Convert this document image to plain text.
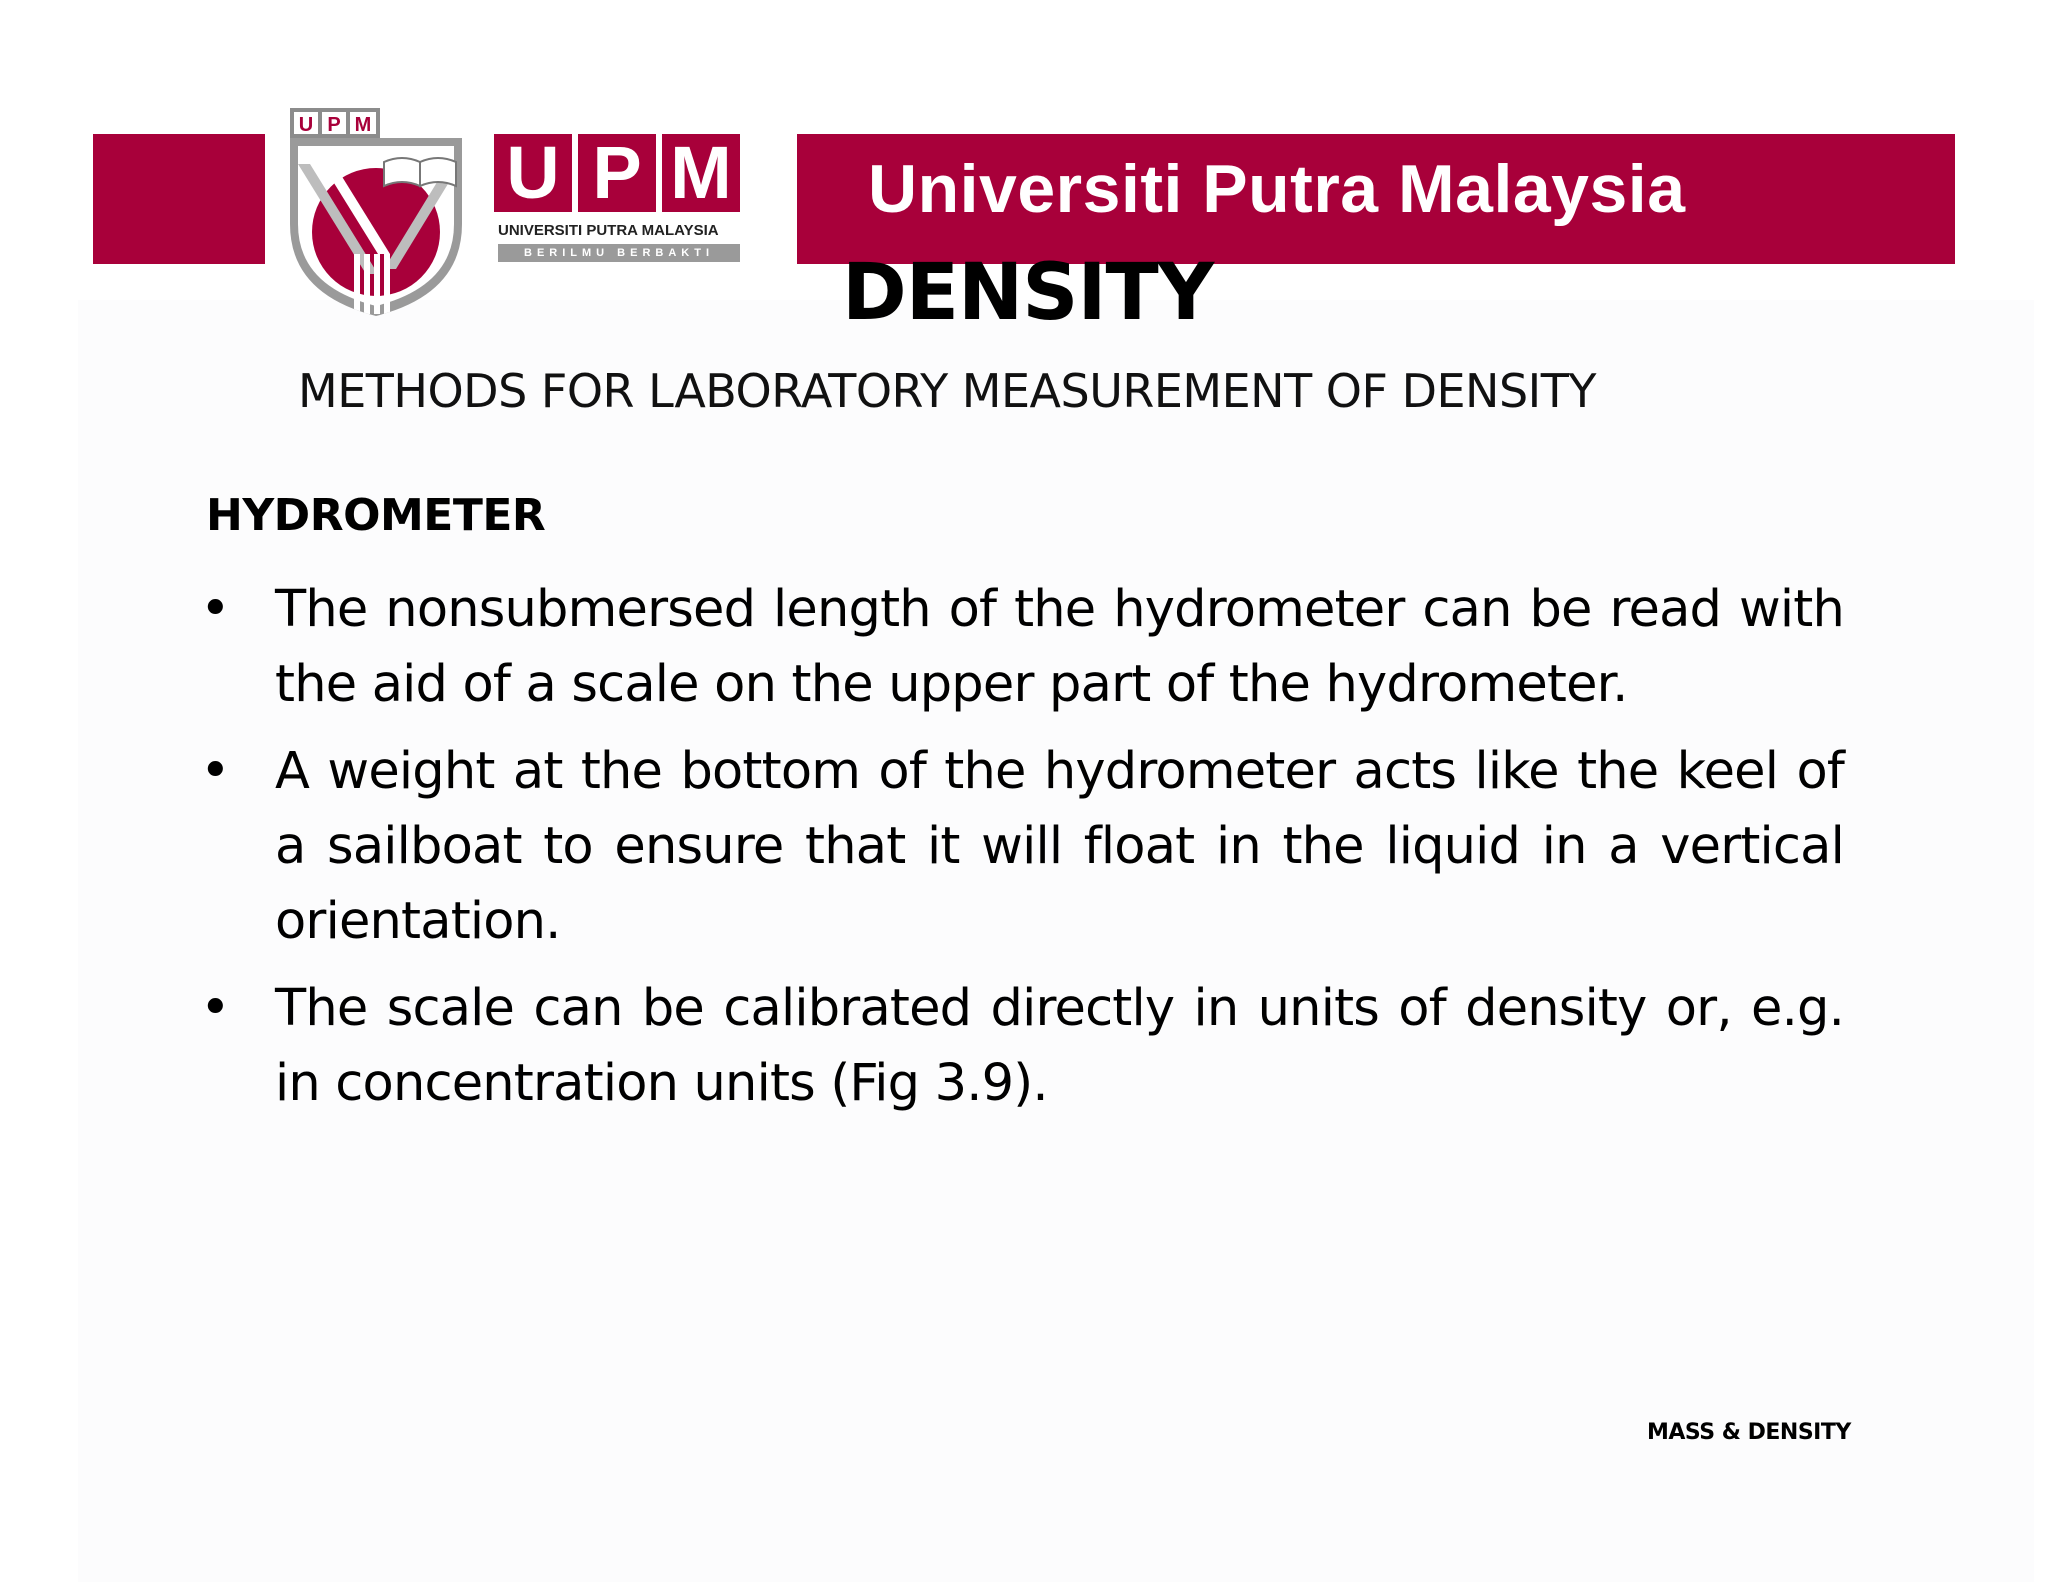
Universiti Putra Malaysia
U P M
U P M
UNIVERSITI PUTRA MALAYSIA
BERILMU BERBAKTI	DENSITY
METHODS FOR LABORATORY MEASUREMENT OF DENSITY
HYDROMETER
• The nonsubmersed length of the hydrometer can be read with the aid of a scale on the upper part of the hydrometer.
• A weight at the bottom of the hydrometer acts like the keel of a sailboat to ensure that it will float in the liquid in a vertical orientation.
• The scale can be calibrated directly in units of density or, e.g. in concentration units (Fig 3.9).
MASS & DENSITY
